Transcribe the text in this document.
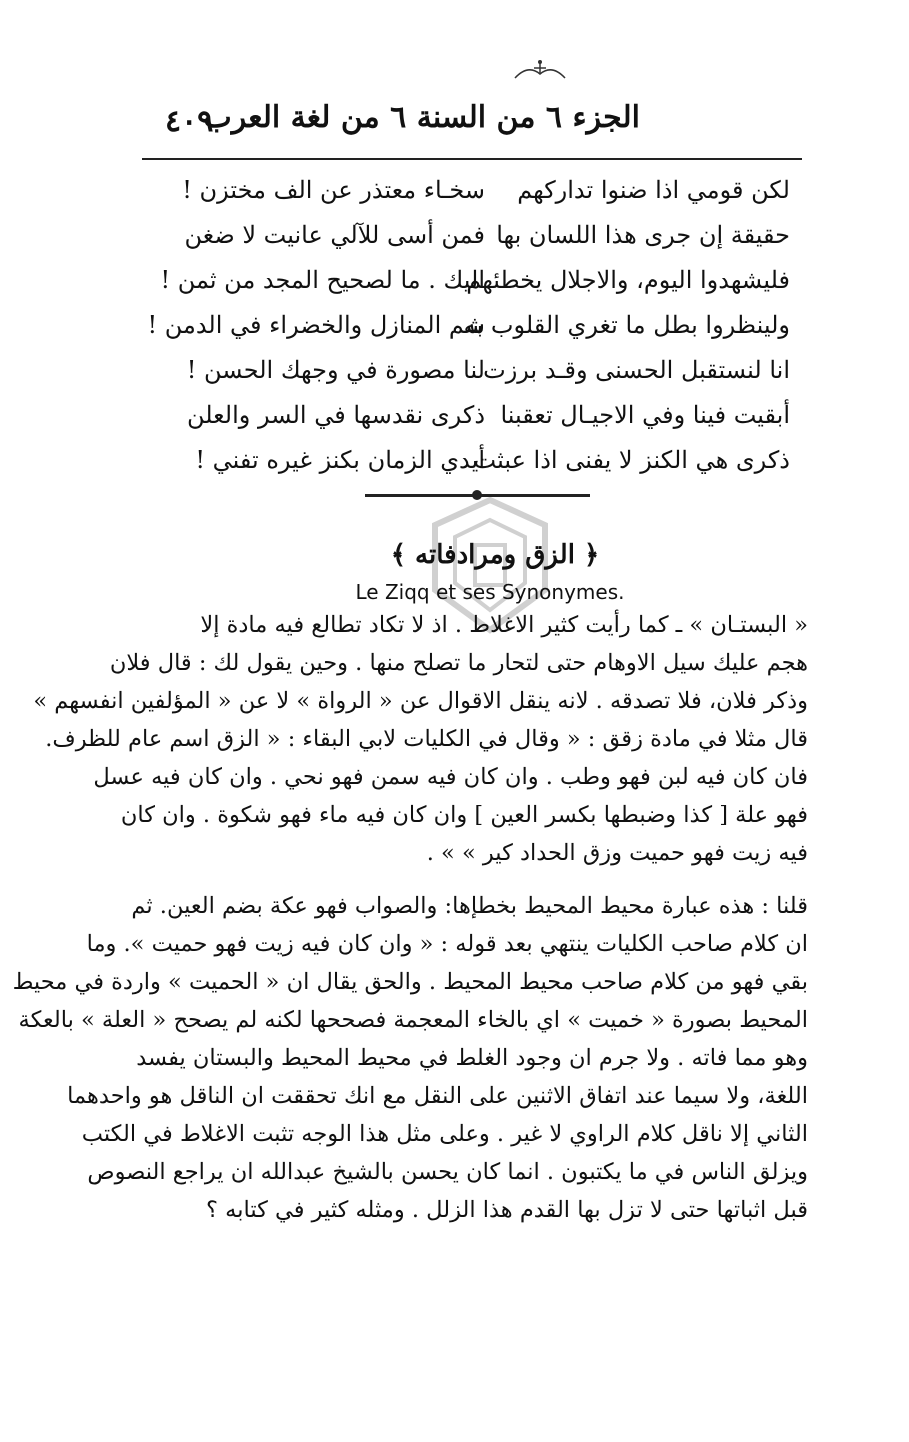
الجزء ٦ من السنة ٦ من لغة العرب
٤٠٩
لكن قومي اذا ضنوا تداركهم
سخـاء معتذر عن الف مختزن !
حقيقة إن جرى هذا اللسان بها
فمن أسى للآلي عانيت لا ضغن
فليشهدوا اليوم، والاجلال يخطئهم
اليك . ما لصحيح المجد من ثمن !
ولينظروا بطل ما تغري القلوب به
شم المنازل والخضراء في الدمن !
انا لنستقبل الحسنى وقـد برزت
لنا مصورة في وجهك الحسن !
أبقيت فينا وفي الاجيـال تعقبنا
ذكرى نقدسها في السر والعلن
ذكرى هي الكنز لا يفنى اذا عبثت
أيدي الزمان بكنز غيره تفني !
﴿ الزق ومرادفاته ﴾
Le Ziqq et ses Synonymes.
« البستـان » ـ كما رأيت كثير الاغلاط . اذ لا تكاد تطالع فيه مادة إلا
هجم عليك سيل الاوهام حتى لتحار ما تصلح منها . وحين يقول لك : قال فلان
وذكر فلان، فلا تصدقه . لانه ينقل الاقوال عن « الرواة » لا عن « المؤلفين انفسهم »
قال مثلا في مادة زقق : « وقال في الكليات لابي البقاء : « الزق اسم عام للظرف.
فان كان فيه لبن فهو وطب . وان كان فيه سمن فهو نحي . وان كان فيه عسل
فهو علة [ كذا وضبطها بكسر العين ] وان كان فيه ماء فهو شكوة . وان كان
فيه زيت فهو حميت وزق الحداد كير » » .
قلنا : هذه عبارة محيط المحيط بخطإها: والصواب فهو عكة بضم العين. ثم
ان كلام صاحب الكليات ينتهي بعد قوله : « وان كان فيه زيت فهو حميت ». وما
بقي فهو من كلام صاحب محيط المحيط . والحق يقال ان « الحميت » واردة في محيط
المحيط بصورة « خميت » اي بالخاء المعجمة فصححها لكنه لم يصحح « العلة » بالعكة
وهو مما فاته . ولا جرم ان وجود الغلط في محيط المحيط والبستان يفسد
اللغة، ولا سيما عند اتفاق الاثنين على النقل مع انك تحققت ان الناقل هو واحدهما
الثاني إلا ناقل كلام الراوي لا غير . وعلى مثل هذا الوجه تثبت الاغلاط في الكتب
ويزلق الناس في ما يكتبون . انما كان يحسن بالشيخ عبدالله ان يراجع النصوص
قبل اثباتها حتى لا تزل بها القدم هذا الزلل . ومثله كثير في كتابه ؟
